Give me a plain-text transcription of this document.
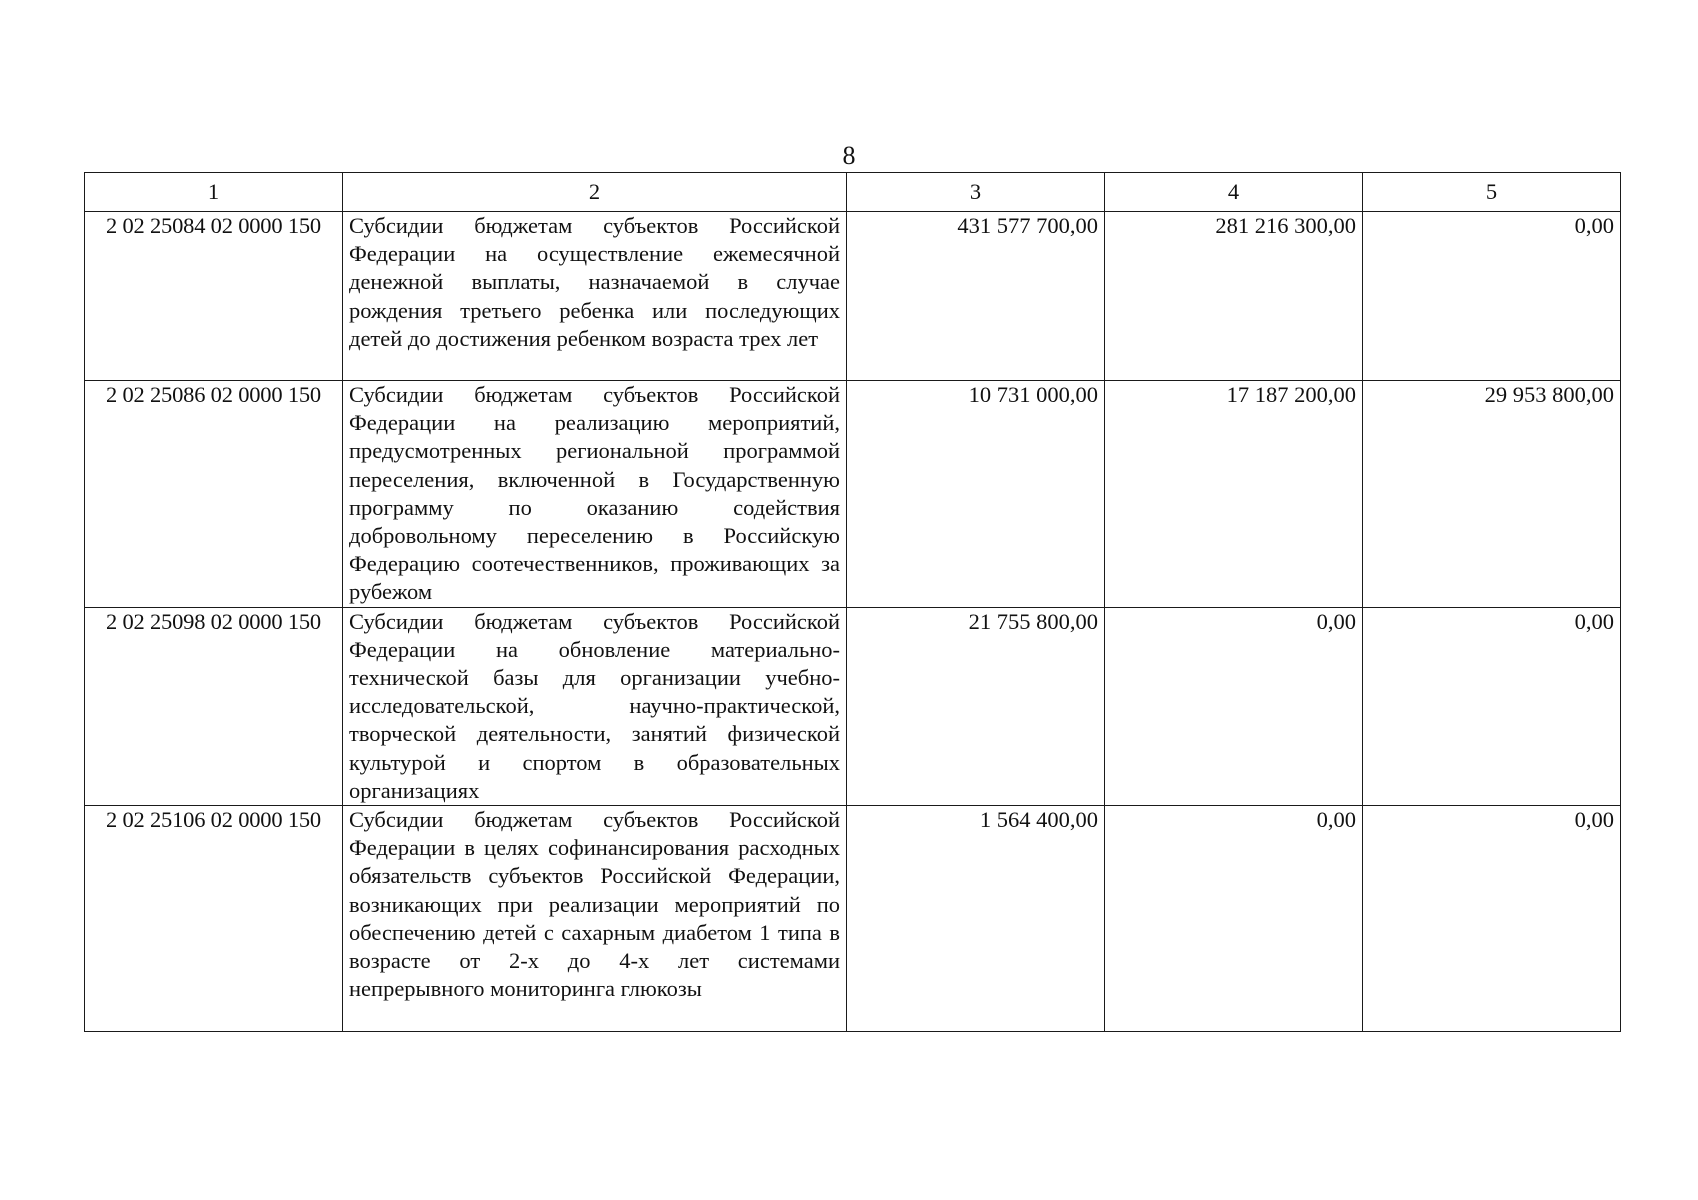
8
1	2	3	4	5
2 02 25084 02 0000 150	Субсидии бюджетам субъектов Российской Федерации на осуществление ежемесячной денежной выплаты, назначаемой в случае рождения третьего ребенка или последующих детей до достижения ребенком возраста трех лет	431 577 700,00	281 216 300,00	0,00
2 02 25086 02 0000 150	Субсидии бюджетам субъектов Российской Федерации на реализацию мероприятий, предусмотренных региональной программой переселения, включенной в Государственную программу по оказанию содействия добровольному переселению в Российскую Федерацию соотечественников, проживающих за рубежом	10 731 000,00	17 187 200,00	29 953 800,00
2 02 25098 02 0000 150	Субсидии бюджетам субъектов Российской Федерации на обновление материально-технической базы для организации учебно-исследовательской, научно-практической, творческой деятельности, занятий физической культурой и спортом в образовательных организациях	21 755 800,00	0,00	0,00
2 02 25106 02 0000 150	Субсидии бюджетам субъектов Российской Федерации в целях софинансирования расходных обязательств субъектов Российской Федерации, возникающих при реализации мероприятий по обеспечению детей с сахарным диабетом 1 типа в возрасте от 2-х до 4-х лет системами непрерывного мониторинга глюкозы	1 564 400,00	0,00	0,00
